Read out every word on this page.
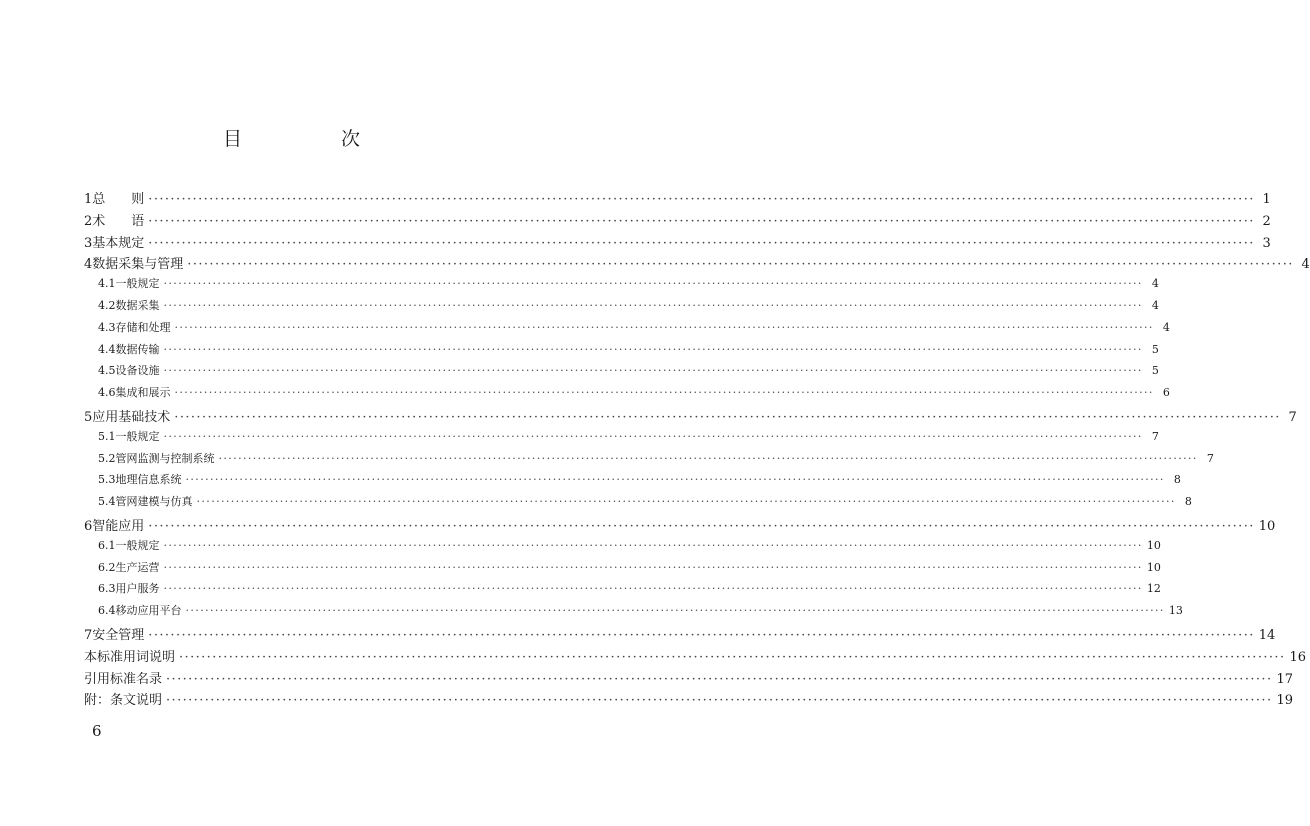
目　次
1 总　　则 ········································································································································································································ 1
2 术　　语 ········································································································································································································ 2
3 基本规定 ········································································································································································································ 3
4 数据采集与管理 ········································································································································································································ 4
4.1 一般规定 ········································································································································································································ 4
4.2 数据采集 ········································································································································································································ 4
4.3 存储和处理 ········································································································································································································ 4
4.4 数据传输 ········································································································································································································ 5
4.5 设备设施 ········································································································································································································ 5
4.6 集成和展示 ········································································································································································································ 6
5 应用基础技术 ········································································································································································································ 7
5.1 一般规定 ········································································································································································································ 7
5.2 管网监测与控制系统 ········································································································································································································ 7
5.3 地理信息系统 ········································································································································································································ 8
5.4 管网建模与仿真 ········································································································································································································ 8
6 智能应用 ········································································································································································································ 10
6.1 一般规定 ········································································································································································································ 10
6.2 生产运营 ········································································································································································································ 10
6.3 用户服务 ········································································································································································································ 12
6.4 移动应用平台 ········································································································································································································ 13
7 安全管理 ········································································································································································································ 14
本标准用词说明 ········································································································································································································ 16
引用标准名录 ········································································································································································································ 17
附：条文说明 ········································································································································································································ 19
6
